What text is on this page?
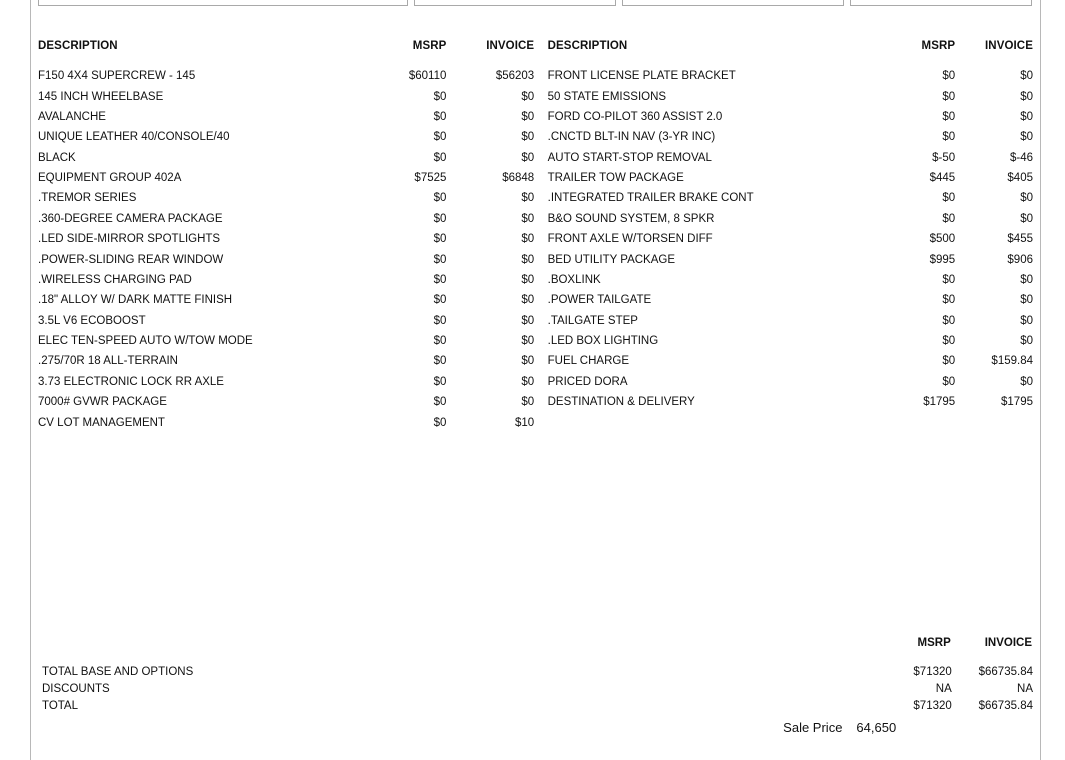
DESCRIPTION	MSRP	INVOICE		DESCRIPTION	MSRP	INVOICE
F150 4X4 SUPERCREW - 145	$60110	$56203		FRONT LICENSE PLATE BRACKET	$0	$0
145 INCH WHEELBASE	$0	$0		50 STATE EMISSIONS	$0	$0
AVALANCHE	$0	$0		FORD CO-PILOT 360 ASSIST 2.0	$0	$0
UNIQUE LEATHER 40/CONSOLE/40	$0	$0		.CNCTD BLT-IN NAV (3-YR INC)	$0	$0
BLACK	$0	$0		AUTO START-STOP REMOVAL	$-50	$-46
EQUIPMENT GROUP 402A	$7525	$6848		TRAILER TOW PACKAGE	$445	$405
.TREMOR SERIES	$0	$0		.INTEGRATED TRAILER BRAKE CONT	$0	$0
.360-DEGREE CAMERA PACKAGE	$0	$0		B&O SOUND SYSTEM, 8 SPKR	$0	$0
.LED SIDE-MIRROR SPOTLIGHTS	$0	$0		FRONT AXLE W/TORSEN DIFF	$500	$455
.POWER-SLIDING REAR WINDOW	$0	$0		BED UTILITY PACKAGE	$995	$906
.WIRELESS CHARGING PAD	$0	$0		.BOXLINK	$0	$0
.18" ALLOY W/ DARK MATTE FINISH	$0	$0		.POWER TAILGATE	$0	$0
3.5L V6 ECOBOOST	$0	$0		.TAILGATE STEP	$0	$0
ELEC TEN-SPEED AUTO W/TOW MODE	$0	$0		.LED BOX LIGHTING	$0	$0
.275/70R 18 ALL-TERRAIN	$0	$0		FUEL CHARGE	$0	$159.84
3.73 ELECTRONIC LOCK RR AXLE	$0	$0		PRICED DORA	$0	$0
7000# GVWR PACKAGE	$0	$0		DESTINATION & DELIVERY	$1795	$1795
CV LOT MANAGEMENT	$0	$10				
	MSRP	INVOICE
TOTAL BASE AND OPTIONS	$71320	$66735.84
DISCOUNTS	NA	NA
TOTAL	$71320	$66735.84
Sale Price	64,650	
